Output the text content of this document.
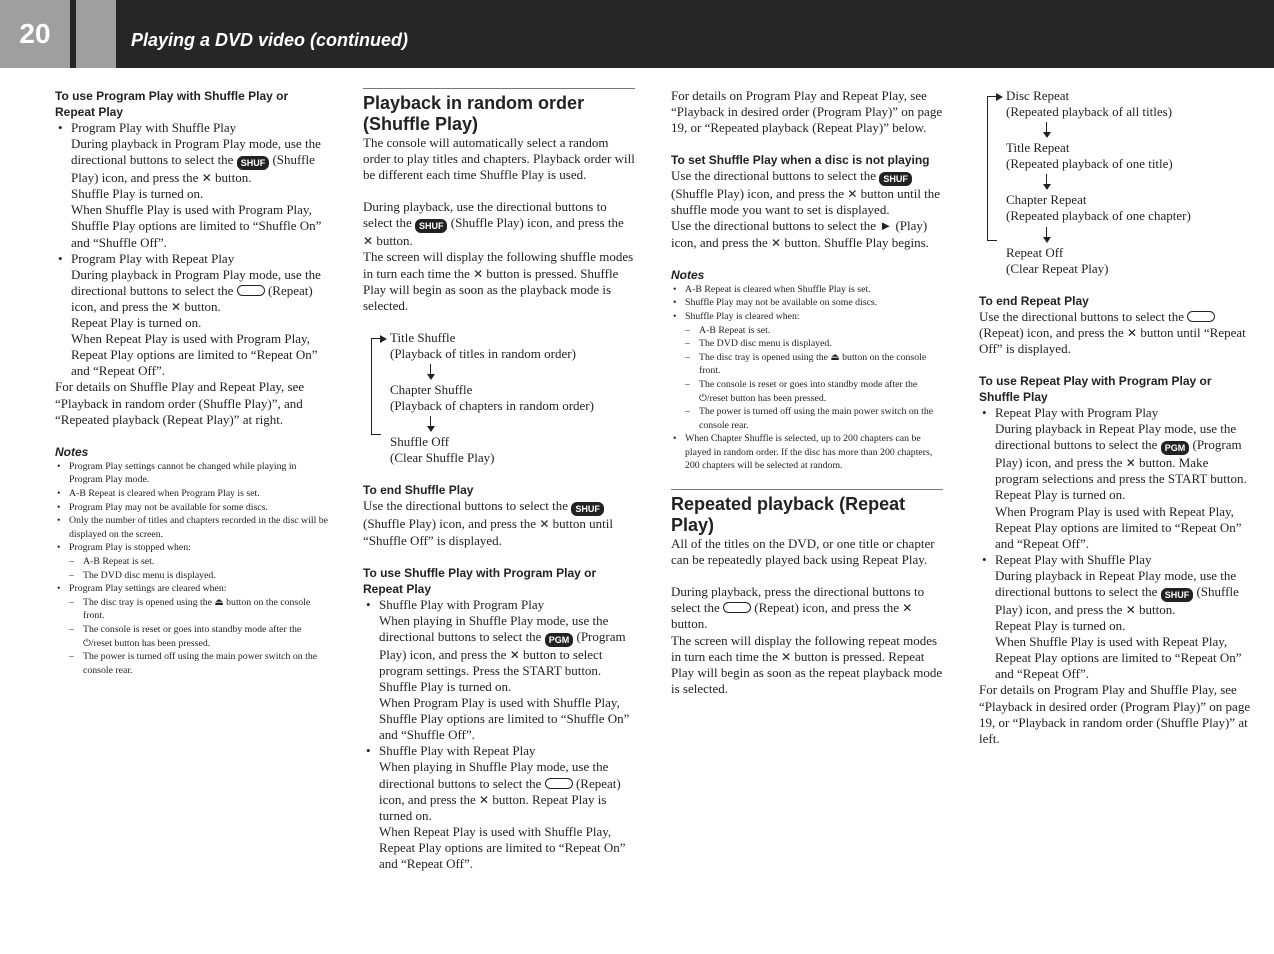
20	Playing a DVD video (continued)

To use Program Play with Shuffle Play or Repeat Play

• Program Play with Shuffle Play

During playback in Program Play mode, use the directional buttons to select the SHUF (Shuffle Play) icon, and press the ✕ button.

Shuffle Play is turned on.

When Shuffle Play is used with Program Play, Shuffle Play options are limited to “Shuffle On” and “Shuffle Off”.

• Program Play with Repeat Play

During playback in Program Play mode, use the directional buttons to select the	(Repeat) icon, and press the ✕ button.

Repeat Play is turned on.

When Repeat Play is used with Program Play, Repeat Play options are limited to “Repeat On” and “Repeat Off”.

For details on Shuffle Play and Repeat Play, see “Playback in random order (Shuffle Play)”, and “Repeated playback (Repeat Play)” at right.

Notes

• Program Play settings cannot be changed while playing in Program Play mode.

• A-B Repeat is cleared when Program Play is set.

• Program Play may not be available for some discs.

• Only the number of titles and chapters recorded in the disc will be displayed on the screen.

• Program Play is stopped when:

– A-B Repeat is set.

– The DVD disc menu is displayed.

• Program Play settings are cleared when:

– The disc tray is opened using the ⏏ button on the console front.

– The console is reset or goes into standby mode after the ⏻/reset button has been pressed.

– The power is turned off using the main power switch on the console rear.

Playback in random order (Shuffle Play)

The console will automatically select a random order to play titles and chapters. Playback order will be different each time Shuffle Play is used.

During playback, use the directional buttons to select the SHUF (Shuffle Play) icon, and press the ✕ button.

The screen will display the following shuffle modes in turn each time the ✕ button is pressed. Shuffle Play will begin as soon as the playback mode is selected.

Title Shuffle

(Playback of titles in random order)

Chapter Shuffle

(Playback of chapters in random order)

Shuffle Off

(Clear Shuffle Play)

To end Shuffle Play

Use the directional buttons to select the SHUF (Shuffle Play) icon, and press the ✕ button until “Shuffle Off” is displayed.

To use Shuffle Play with Program Play or Repeat Play

• Shuffle Play with Program Play

When playing in Shuffle Play mode, use the directional buttons to select the PGM (Program Play) icon, and press the ✕ button to select program settings. Press the START button. Shuffle Play is turned on.

When Program Play is used with Shuffle Play, Shuffle Play options are limited to “Shuffle On” and “Shuffle Off”.

• Shuffle Play with Repeat Play

When playing in Shuffle Play mode, use the directional buttons to select the	(Repeat) icon, and press the ✕ button. Repeat Play is turned on.

When Repeat Play is used with Shuffle Play, Repeat Play options are limited to “Repeat On” and “Repeat Off”.

For details on Program Play and Repeat Play, see “Playback in desired order (Program Play)” on page 19, or “Repeated playback (Repeat Play)” below.

To set Shuffle Play when a disc is not playing

Use the directional buttons to select the SHUF (Shuffle Play) icon, and press the ✕ button until the shuffle mode you want to set is displayed.

Use the directional buttons to select the ► (Play) icon, and press the ✕ button. Shuffle Play begins.

Notes

• A-B Repeat is cleared when Shuffle Play is set.

• Shuffle Play may not be available on some discs.

• Shuffle Play is cleared when:

– A-B Repeat is set.

– The DVD disc menu is displayed.

– The disc tray is opened using the ⏏ button on the console front.

– The console is reset or goes into standby mode after the ⏻/reset button has been pressed.

– The power is turned off using the main power switch on the console rear.

• When Chapter Shuffle is selected, up to 200 chapters can be played in random order. If the disc has more than 200 chapters, 200 chapters will be selected at random.

Repeated playback (Repeat Play)

All of the titles on the DVD, or one title or chapter can be repeatedly played back using Repeat Play.

During playback, press the directional buttons to select the	(Repeat) icon, and press the ✕ button.

The screen will display the following repeat modes in turn each time the ✕ button is pressed. Repeat Play will begin as soon as the repeat playback mode is selected.

Disc Repeat

(Repeated playback of all titles)

Title Repeat

(Repeated playback of one title)

Chapter Repeat

(Repeated playback of one chapter)

Repeat Off

(Clear Repeat Play)

To end Repeat Play

Use the directional buttons to select the  (Repeat) icon, and press the ✕ button until “Repeat Off” is displayed.

To use Repeat Play with Program Play or Shuffle Play

• Repeat Play with Program Play

During playback in Repeat Play mode, use the directional buttons to select the PGM (Program Play) icon, and press the ✕ button. Make program selections and press the START button. Repeat Play is turned on.

When Program Play is used with Repeat Play, Repeat Play options are limited to “Repeat On” and “Repeat Off”.

• Repeat Play with Shuffle Play

During playback in Repeat Play mode, use the directional buttons to select the SHUF (Shuffle Play) icon, and press the ✕ button.

Repeat Play is turned on.

When Shuffle Play is used with Repeat Play, Repeat Play options are limited to “Repeat On” and “Repeat Off”.

For details on Program Play and Shuffle Play, see “Playback in desired order (Program Play)” on page 19, or “Playback in random order (Shuffle Play)” at left.
